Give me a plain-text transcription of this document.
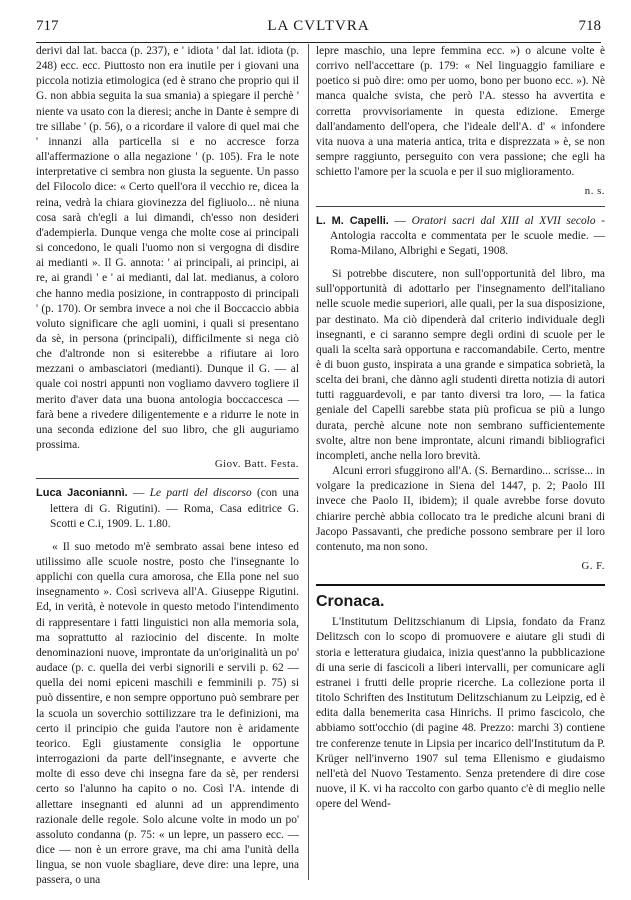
717	LA CVLTVRA	718

derivi dal lat. bacca (p. 237), e ' idiota ' dal lat. idiota (p. 248) ecc. ecc. Piuttosto non era inutile per i giovani una piccola notizia etimologica (ed è strano che proprio qui il G. non abbia seguita la sua smania) a spiegare il perchè ' niente va usato con la dieresi; anche in Dante è sempre di tre sillabe ' (p. 56), o a ricordare il valore di quel mai che ' innanzi alla particella si e no accresce forza all'affermazione o alla negazione ' (p. 105). Fra le note interpretative ci sembra non giusta la seguente. Un passo del Filocolo dice: « Certo quell'ora il vecchio re, dicea la reina, vedrà la chiara giovinezza del figliuolo... nè niuna cosa sarà ch'egli a lui dimandi, ch'esso non desideri d'adempierla. Dunque venga che molte cose ai principali si concedono, le quali l'uomo non si vergogna di disdire ai medianti ». Il G. annota: ' ai principali, ai principi, ai re, ai grandi ' e ' ai medianti, dal lat. medianus, a coloro che hanno media posizione, in contrapposto di principali ' (p. 170). Or sembra invece a noi che il Boccaccio abbia voluto significare che agli uomini, i quali si presentano da sè, in persona (principali), difficilmente si nega ciò che d'altronde non si esiterebbe a rifiutare ai loro mezzani o ambasciatori (medianti). Dunque il G. — al quale coi nostri appunti non vogliamo davvero togliere il merito d'aver data una buona antologia boccaccesca — farà bene a rivedere diligentemente e a ridurre le note in una seconda edizione del suo libro, che gli auguriamo prossima.

Giov. Batt. Festa.

Luca Jaconiannì. — Le parti del discorso (con una lettera di G. Rigutini). — Roma, Casa editrice G. Scotti e C.i, 1909. L. 1.80.

« Il suo metodo m'è sembrato assai bene inteso ed utilissimo alle scuole nostre, posto che l'insegnante lo applichi con quella cura amorosa, che Ella pone nel suo insegnamento ». Così scriveva all'A. Giuseppe Rigutini. Ed, in verità, è notevole in questo metodo l'intendimento di rappresentare i fatti linguistici non alla memoria sola, ma soprattutto al raziocinio del discente. In molte denominazioni nuove, improntate da un'originalità un po' audace (p. c. quella dei verbi signorili e servili p. 62 — quella dei nomi epiceni maschili e femminili p. 75) si può dissentire, e non sempre opportuno può sembrare per la scuola un soverchio sottilizzare tra le definizioni, ma certo il principio che guida l'autore non è aridamente teorico. Egli giustamente consiglia le opportune interrogazioni da parte dell'insegnante, e avverte che molte di esso deve chi insegna fare da sè, per rendersi certo so l'alunno ha capito o no. Così l'A. intende di allettare insegnanti ed alunni ad un apprendimento razionale delle regole. Solo alcune volte in modo un po' assoluto condanna (p. 75: « un lepre, un passero ecc. — dice — non è un errore grave, ma chi ama l'unità della lingua, se non vuole sbagliare, deve dire: una lepre, una passera, o una

lepre maschio, una lepre femmina ecc. ») o alcune volte è corrivo nell'accettare (p. 179: « Nel linguaggio familiare e poetico si può dire: omo per uomo, bono per buono ecc. »). Nè manca qualche svista, che però l'A. stesso ha avvertita e corretta provvisoriamente in questa edizione. Emerge dall'andamento dell'opera, che l'ideale dell'A. d' « infondere vita nuova a una materia antica, trita e disprezzata » è, se non sempre raggiunto, perseguito con vera passione; che egli ha schietto l'amore per la scuola e per il suo miglioramento.

n. s.

L. M. Capelli. — Oratori sacri dal XIII al XVII secolo - Antologia raccolta e commentata per le scuole medie. — Roma-Milano, Albrighi e Segati, 1908.

Si potrebbe discutere, non sull'opportunità del libro, ma sull'opportunità di adottarlo per l'insegnamento dell'italiano nelle scuole medie superiori, alle quali, per la sua disposizione, par destinato. Ma ciò dipenderà dal criterio individuale degli insegnanti, e ci saranno sempre degli ordini di scuole per le quali la scelta sarà opportuna e raccomandabile. Certo, mentre è di buon gusto, inspirata a una grande e simpatica sobrietà, la scelta dei brani, che dànno agli studenti diretta notizia di autori tutti ragguardevoli, e par tanto diversi tra loro, — la fatica geniale del Capelli sarebbe stata più proficua se più a lungo durata, perchè alcune note non sembrano sufficientemente svolte, altre non bene improntate, alcuni rimandi bibliografici incompleti, anche nella loro brevità.

Alcuni errori sfuggirono all'A. (S. Bernardino... scrisse... in volgare la predicazione in Siena del 1447, p. 2; Paolo III invece che Paolo II, ibidem); il quale avrebbe forse dovuto chiarire perchè abbia collocato tra le prediche alcuni brani di Jacopo Passavanti, che prediche possono sembrare per il loro contenuto, ma non sono.

G. F.

Cronaca.

L'Institutum Delitzschianum di Lipsia, fondato da Franz Delitzsch con lo scopo di promuovere e aiutare gli studi di storia e letteratura giudaica, inizia quest'anno la pubblicazione di una serie di fascicoli a liberi intervalli, per comunicare agli estranei i frutti delle proprie ricerche. La collezione porta il titolo Schriften des Institutum Delitzschianum zu Leipzig, ed è edita dalla benemerita casa Hinrichs. Il primo fascicolo, che abbiamo sott'occhio (di pagine 48. Prezzo: marchi 3) contiene tre conferenze tenute in Lipsia per incarico dell'Institutum da P. Krüger nell'inverno 1907 sul tema Ellenismo e giudaismo nell'età del Nuovo Testamento. Senza pretendere di dire cose nuove, il K. vi ha raccolto con garbo quanto c'è di meglio nelle opere del Wend-
